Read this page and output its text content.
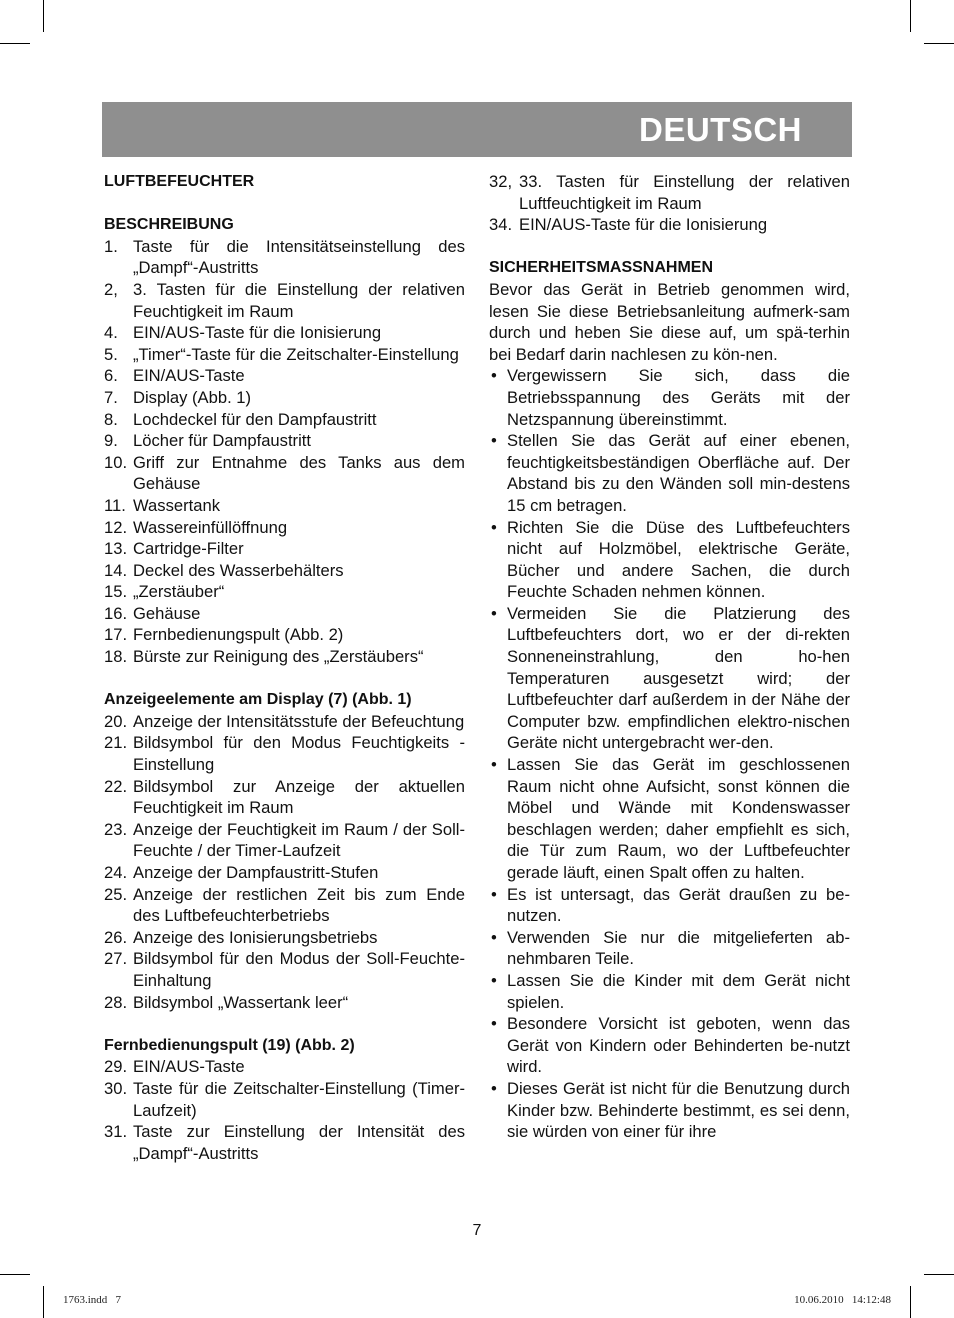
DEUTSCH
LUFTBEFEUCHTER
BESCHREIBUNG
1. Taste für die Intensitätseinstellung des „Dampf“-Austritts
2, 3. Tasten für die Einstellung der relativen Feuchtigkeit im Raum
4. EIN/AUS-Taste für die Ionisierung
5. „Timer“-Taste für die Zeitschalter-Einstellung
6. EIN/AUS-Taste
7. Display (Abb. 1)
8. Lochdeckel für den Dampfaustritt
9. Löcher für Dampfaustritt
10. Griff zur Entnahme des Tanks aus dem Gehäuse
11. Wassertank
12. Wassereinfüllöffnung
13. Cartridge-Filter
14. Deckel des Wasserbehälters
15. „Zerstäuber“
16. Gehäuse
17. Fernbedienungspult (Abb. 2)
18. Bürste zur Reinigung des „Zerstäubers“
Anzeigeelemente am Display (7) (Abb. 1)
20. Anzeige der Intensitätsstufe der Befeuchtung
21. Bildsymbol für den Modus Feuchtigkeits -Einstellung
22. Bildsymbol zur Anzeige der aktuellen Feuchtigkeit im Raum
23. Anzeige der Feuchtigkeit im Raum / der Soll-Feuchte / der Timer-Laufzeit
24. Anzeige der Dampfaustritt-Stufen
25. Anzeige der restlichen Zeit bis zum Ende des Luftbefeuchterbetriebs
26. Anzeige des Ionisierungsbetriebs
27. Bildsymbol für den Modus der Soll-Feuchte-Einhaltung
28. Bildsymbol „Wassertank leer“
Fernbedienungspult (19) (Abb. 2)
29. EIN/AUS-Taste
30. Taste für die Zeitschalter-Einstellung (Timer-Laufzeit)
31. Taste zur Einstellung der Intensität des „Dampf“-Austritts
32, 33. Tasten für Einstellung der relativen Luftfeuchtigkeit im Raum
34. EIN/AUS-Taste für die Ionisierung
SICHERHEITSMASSNAHMEN
Bevor das Gerät in Betrieb genommen wird, lesen Sie diese Betriebsanleitung aufmerk-sam durch und heben Sie diese auf, um spä-terhin bei Bedarf darin nachlesen zu kön-nen.
• Vergewissern Sie sich, dass die Betriebsspannung des Geräts mit der Netzspannung übereinstimmt.
• Stellen Sie das Gerät auf einer ebenen, feuchtigkeitsbeständigen Oberfläche auf. Der Abstand bis zu den Wänden soll min-destens 15 cm betragen.
• Richten Sie die Düse des Luftbefeuchters nicht auf Holzmöbel, elektrische Geräte, Bücher und andere Sachen, die durch Feuchte Schaden nehmen können.
• Vermeiden Sie die Platzierung des Luftbefeuchters dort, wo er der di-rekten Sonneneinstrahlung, den ho-hen Temperaturen ausgesetzt wird; der Luftbefeuchter darf außerdem in der Nähe der Computer bzw. empfindlichen elektro-nischen Geräte nicht untergebracht wer-den.
• Lassen Sie das Gerät im geschlossenen Raum nicht ohne Aufsicht, sonst können die Möbel und Wände mit Kondenswasser beschlagen werden; daher empfiehlt es sich, die Tür zum Raum, wo der Luftbefeuchter gerade läuft, einen Spalt offen zu halten.
• Es ist untersagt, das Gerät draußen zu be-nutzen.
• Verwenden Sie nur die mitgelieferten ab-nehmbaren Teile.
• Lassen Sie die Kinder mit dem Gerät nicht spielen.
• Besondere Vorsicht ist geboten, wenn das Gerät von Kindern oder Behinderten be-nutzt wird.
• Dieses Gerät ist nicht für die Benutzung durch Kinder bzw. Behinderte bestimmt, es sei denn, sie würden von einer für ihre
7
1763.indd   7	10.06.2010   14:12:48
